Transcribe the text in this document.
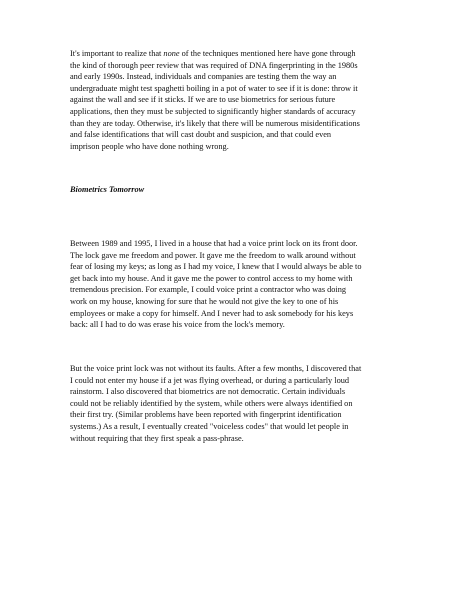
It's important to realize that none of the techniques mentioned here have gone through
the kind of thorough peer review that was required of DNA fingerprinting in the 1980s
and early 1990s. Instead, individuals and companies are testing them the way an
undergraduate might test spaghetti boiling in a pot of water to see if it is done: throw it
against the wall and see if it sticks. If we are to use biometrics for serious future
applications, then they must be subjected to significantly higher standards of accuracy
than they are today. Otherwise, it's likely that there will be numerous misidentifications
and false identifications that will cast doubt and suspicion, and that could even
imprison people who have done nothing wrong.
Biometrics Tomorrow
Between 1989 and 1995, I lived in a house that had a voice print lock on its front door.
The lock gave me freedom and power. It gave me the freedom to walk around without
fear of losing my keys; as long as I had my voice, I knew that I would always be able to
get back into my house. And it gave me the power to control access to my home with
tremendous precision. For example, I could voice print a contractor who was doing
work on my house, knowing for sure that he would not give the key to one of his
employees or make a copy for himself. And I never had to ask somebody for his keys
back: all I had to do was erase his voice from the lock's memory.
But the voice print lock was not without its faults. After a few months, I discovered that
I could not enter my house if a jet was flying overhead, or during a particularly loud
rainstorm. I also discovered that biometrics are not democratic. Certain individuals
could not be reliably identified by the system, while others were always identified on
their first try. (Similar problems have been reported with fingerprint identification
systems.) As a result, I eventually created "voiceless codes" that would let people in
without requiring that they first speak a pass-phrase.
